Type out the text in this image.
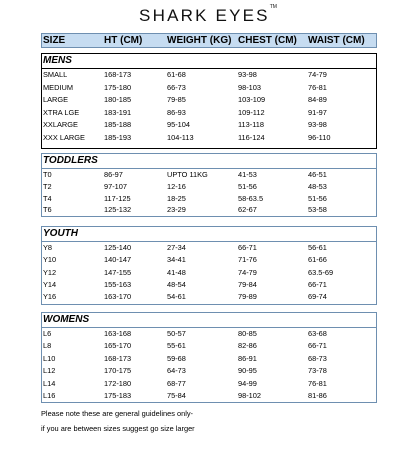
SHARK EYES™
SIZE	HT (CM) WEIGHT (KG) CHEST (CM) WAIST (CM)
MENS
SMALL	168-173	61-68	93-98	74-79
MEDIUM	175-180	66-73	98-103	76-81
LARGE	180-185	79-85	103-109	84-89
XTRA LGE	183-191	86-93	109-112	91-97
XXLARGE	185-188	95-104	113-118	93-98
XXX LARGE	185-193	104-113	116-124	96-110
TODDLERS
T0	86-97	UPTO 11KG	41-53	46-51
T2	97-107	12-16	51-56	48-53
T4	117-125	18-25	58-63.5	51-56
T6	125-132	23-29	62-67	53-58
YOUTH
Y8	125-140	27-34	66-71	56-61
Y10	140-147	34-41	71-76	61-66
Y12	147-155	41-48	74-79	63.5-69
Y14	155-163	48-54	79-84	66-71
Y16	163-170	54-61	79-89	69-74
WOMENS
L6	163-168	50-57	80-85	63-68
L8	165-170	55-61	82-86	66-71
L10	168-173	59-68	86-91	68-73
L12	170-175	64-73	90-95	73-78
L14	172-180	68-77	94-99	76-81
L16	175-183	75-84	98-102	81-86
Please note these are general guidelines only-
if you are between sizes suggest go size larger
